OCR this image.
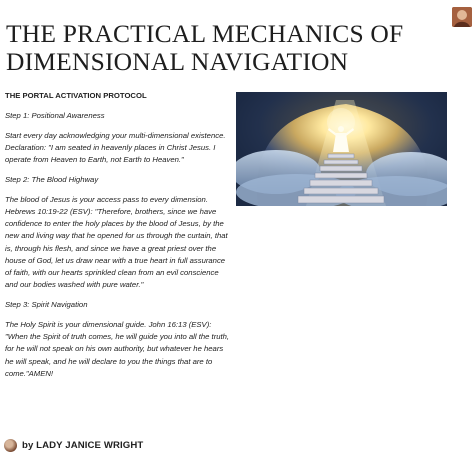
THE PRACTICAL MECHANICS OF DIMENSIONAL NAVIGATION

THE PORTAL ACTIVATION PROTOCOL

Step 1: Positional Awareness

Start every day acknowledging your multi-dimensional existence. Declaration: "I am seated in heavenly places in Christ Jesus. I operate from Heaven to Earth, not Earth to Heaven."

Step 2: The Blood Highway

The blood of Jesus is your access pass to every dimension. Hebrews 10:19-22 (ESV): "Therefore, brothers, since we have confidence to enter the holy places by the blood of Jesus, by the new and living way that he opened for us through the curtain, that is, through his flesh, and since we have a great priest over the house of God, let us draw near with a true heart in full assurance of faith, with our hearts sprinkled clean from an evil conscience and our bodies washed with pure water."

Step 3: Spirit Navigation

The Holy Spirit is your dimensional guide. John 16:13 (ESV): "When the Spirit of truth comes, he will guide you into all the truth, for he will not speak on his own authority, but whatever he hears he will speak, and he will declare to you the things that are to come."AMEN!

by LADY JANICE WRIGHT
